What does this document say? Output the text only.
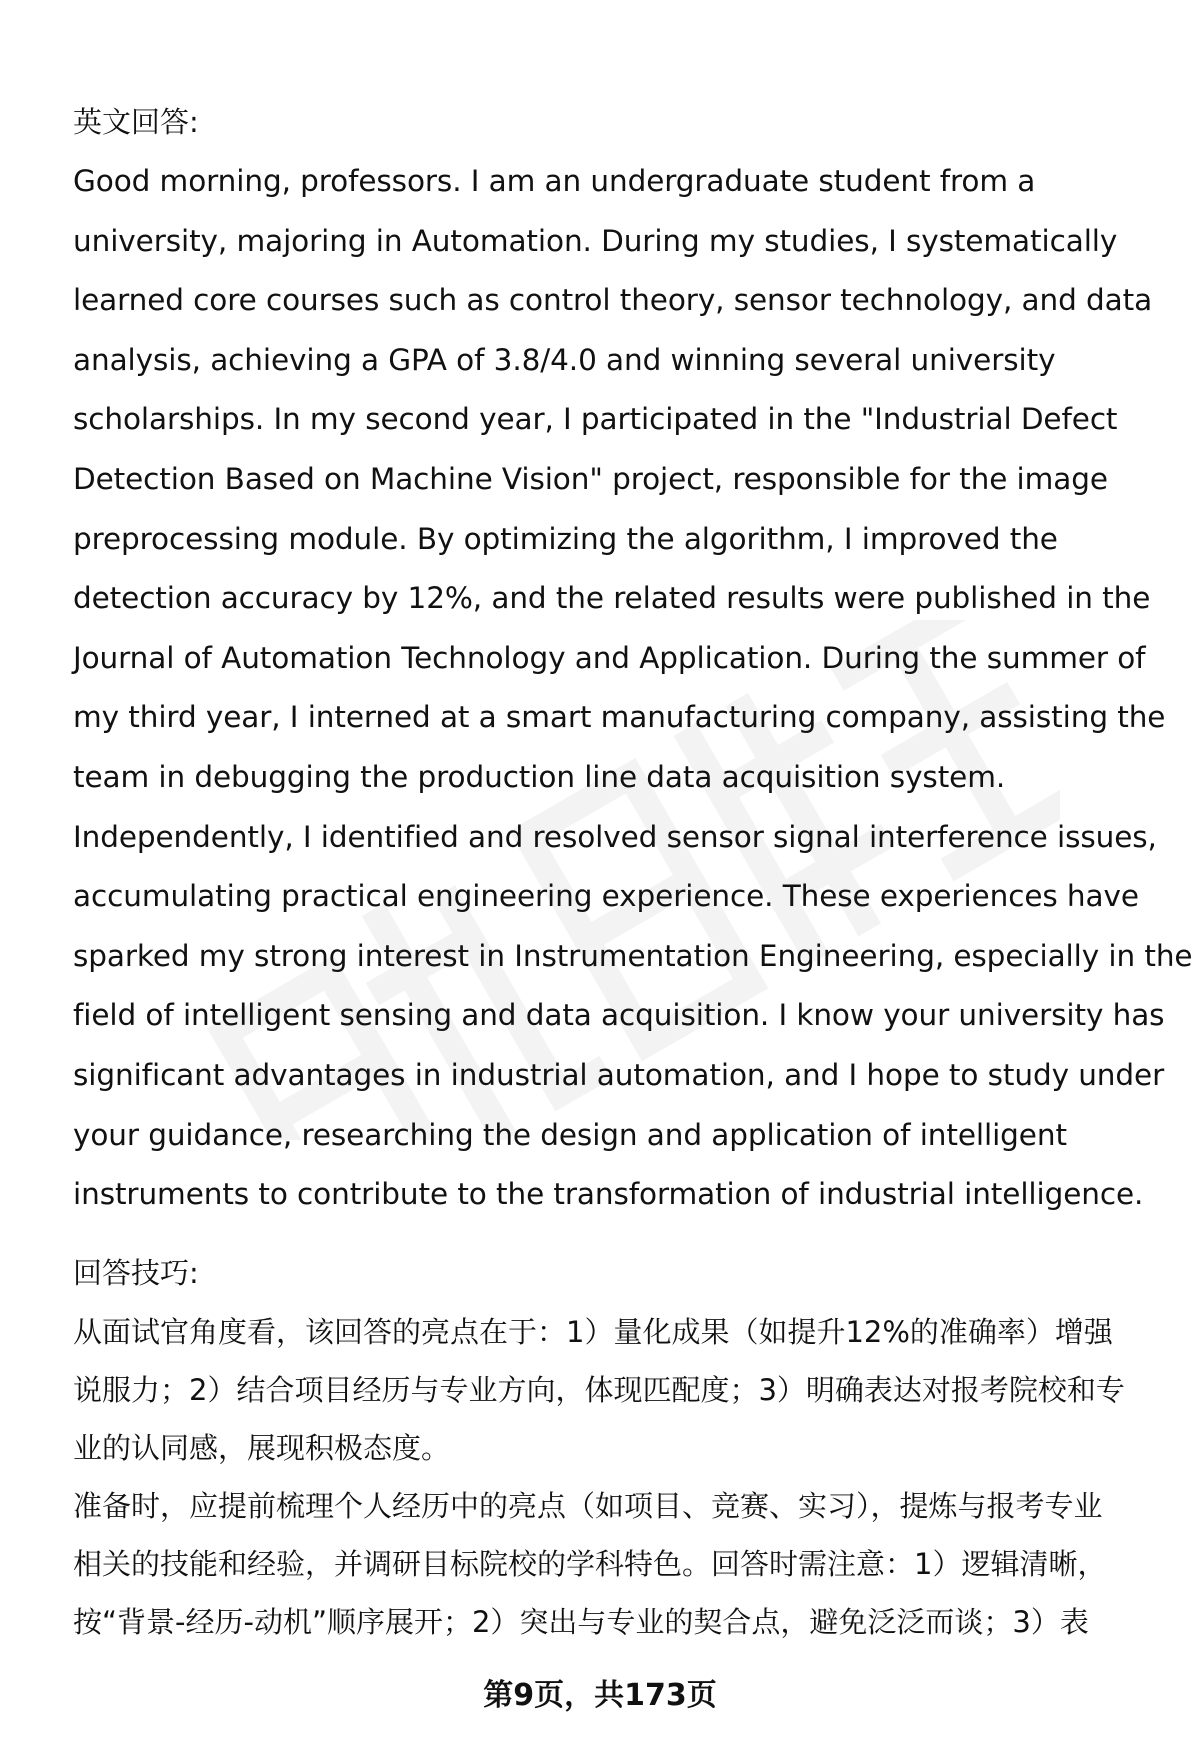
英文回答:

Good morning, professors. I am an undergraduate student from a
university, majoring in Automation. During my studies, I systematically
learned core courses such as control theory, sensor technology, and data
analysis, achieving a GPA of 3.8/4.0 and winning several university
scholarships. In my second year, I participated in the "Industrial Defect
Detection Based on Machine Vision" project, responsible for the image
preprocessing module. By optimizing the algorithm, I improved the
detection accuracy by 12%, and the related results were published in the
Journal of Automation Technology and Application. During the summer of
my third year, I interned at a smart manufacturing company, assisting the
team in debugging the production line data acquisition system.
Independently, I identified and resolved sensor signal interference issues,
accumulating practical engineering experience. These experiences have
sparked my strong interest in Instrumentation Engineering, especially in the
field of intelligent sensing and data acquisition. I know your university has
significant advantages in industrial automation, and I hope to study under
your guidance, researching the design and application of intelligent
instruments to contribute to the transformation of industrial intelligence.

回答技巧:

从面试官角度看，该回答的亮点在于：1）量化成果（如提升12%的准确率）增强
说服力；2）结合项目经历与专业方向，体现匹配度；3）明确表达对报考院校和专
业的认同感，展现积极态度。

准备时，应提前梳理个人经历中的亮点（如项目、竞赛、实习），提炼与报考专业
相关的技能和经验，并调研目标院校的学科特色。回答时需注意：1）逻辑清晰，
按“背景-经历-动机”顺序展开；2）突出与专业的契合点，避免泛泛而谈；3）表

第9页，共173页
